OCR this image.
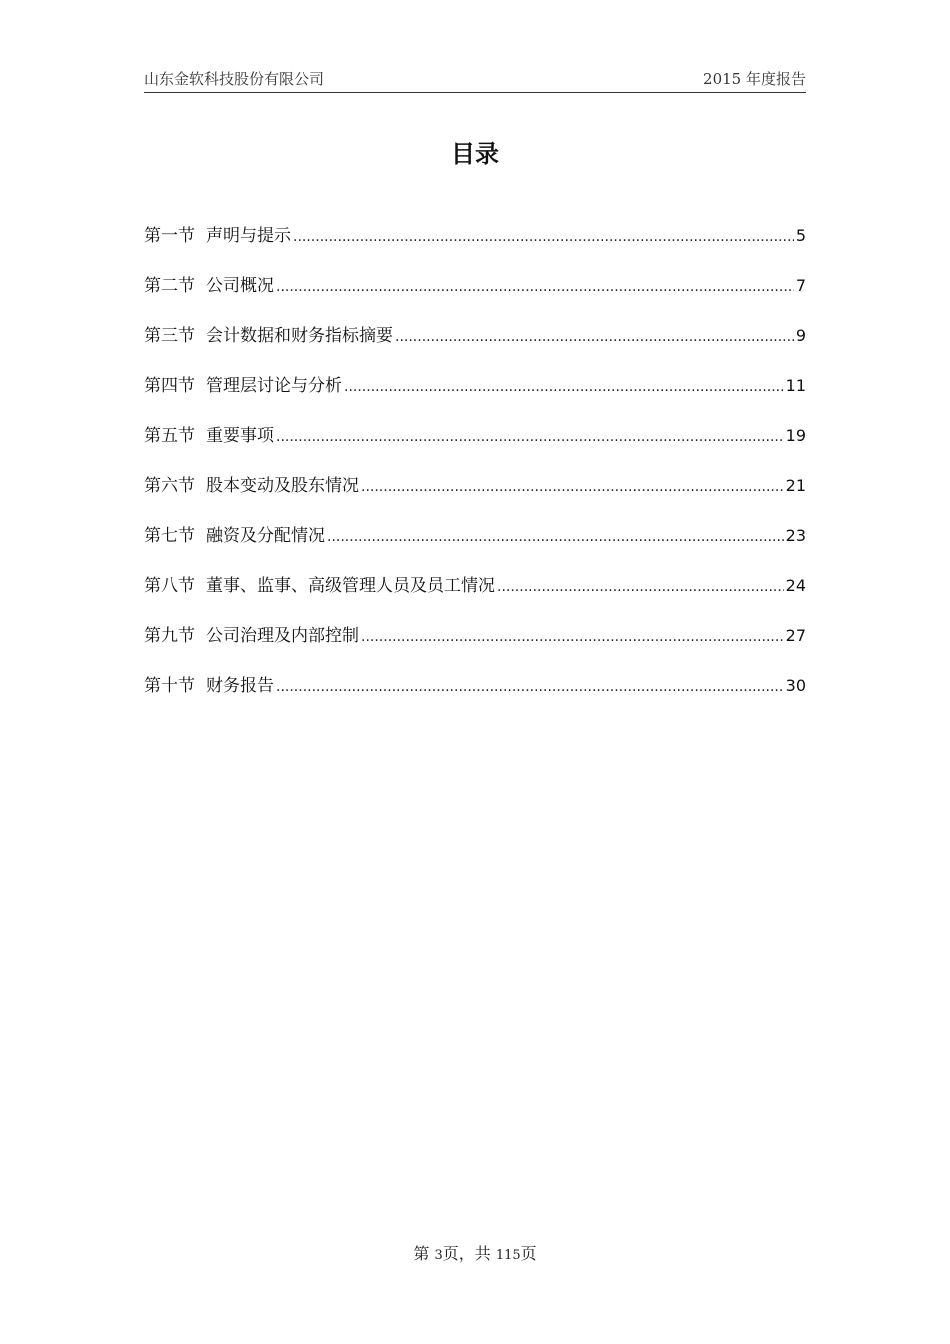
山东金软科技股份有限公司	2015 年度报告
目录
第一节 声明与提示 .....	5
第二节 公司概况 .....	7
第三节 会计数据和财务指标摘要 .....	9
第四节 管理层讨论与分析 .....	11
第五节 重要事项 .....	19
第六节 股本变动及股东情况 .....	21
第七节 融资及分配情况 .....	23
第八节 董事、监事、高级管理人员及员工情况 .....	24
第九节 公司治理及内部控制 .....	27
第十节 财务报告 .....	30
第 3页，共 115页
